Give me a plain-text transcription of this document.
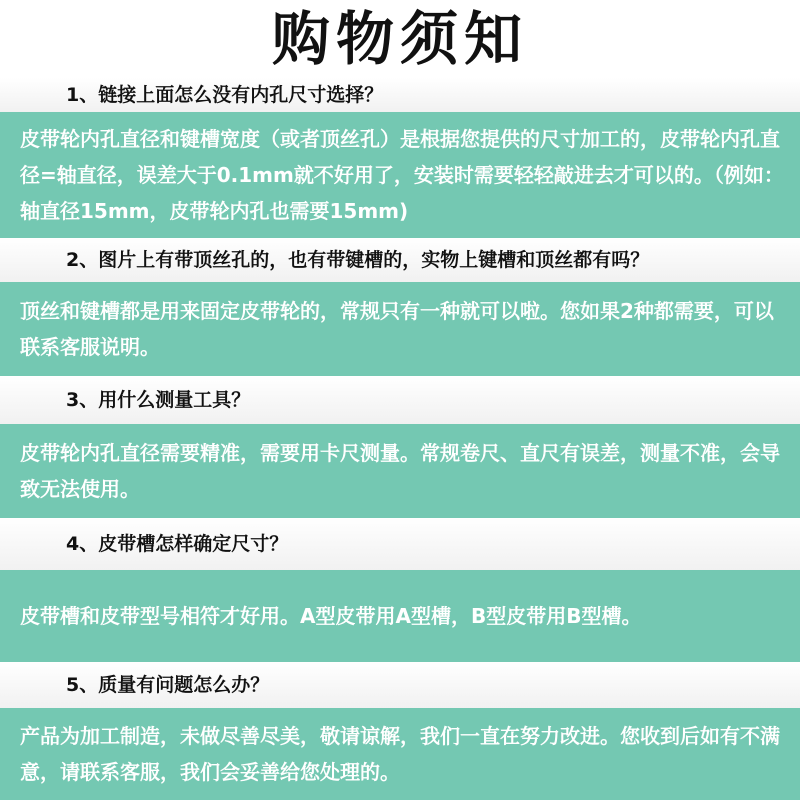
购物须知
1、链接上面怎么没有内孔尺寸选择？
皮带轮内孔直径和键槽宽度（或者顶丝孔）是根据您提供的尺寸加工的，皮带轮内孔直径=轴直径，误差大于0.1mm就不好用了，安装时需要轻轻敲进去才可以的。（例如：轴直径15mm，皮带轮内孔也需要15mm)
2、图片上有带顶丝孔的，也有带键槽的，实物上键槽和顶丝都有吗？
顶丝和键槽都是用来固定皮带轮的，常规只有一种就可以啦。您如果2种都需要，可以联系客服说明。
3、用什么测量工具？
皮带轮内孔直径需要精准，需要用卡尺测量。常规卷尺、直尺有误差，测量不准，会导致无法使用。
4、皮带槽怎样确定尺寸？
皮带槽和皮带型号相符才好用。A型皮带用A型槽，B型皮带用B型槽。
5、质量有问题怎么办？
产品为加工制造，未做尽善尽美，敬请谅解，我们一直在努力改进。您收到后如有不满意，请联系客服，我们会妥善给您处理的。
